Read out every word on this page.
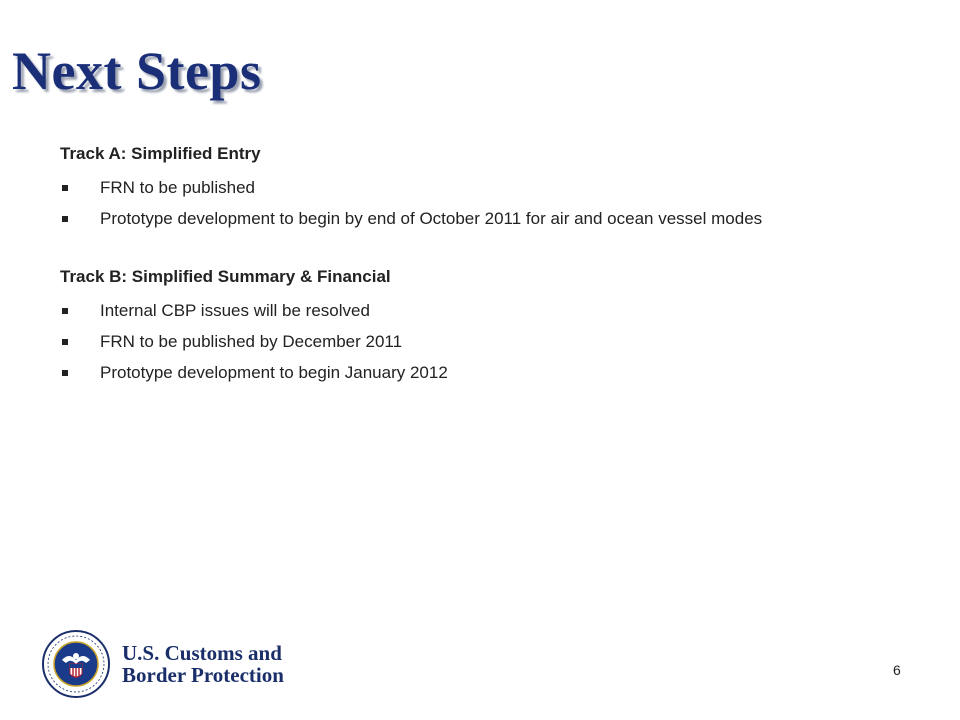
Next Steps

Track A: Simplified Entry

FRN to be published
Prototype development to begin by end of October 2011 for air and ocean vessel modes

Track B: Simplified Summary & Financial

Internal CBP issues will be resolved
FRN to be published by December 2011
Prototype development to begin January 2012
U.S. Customs and
Border Protection	6
